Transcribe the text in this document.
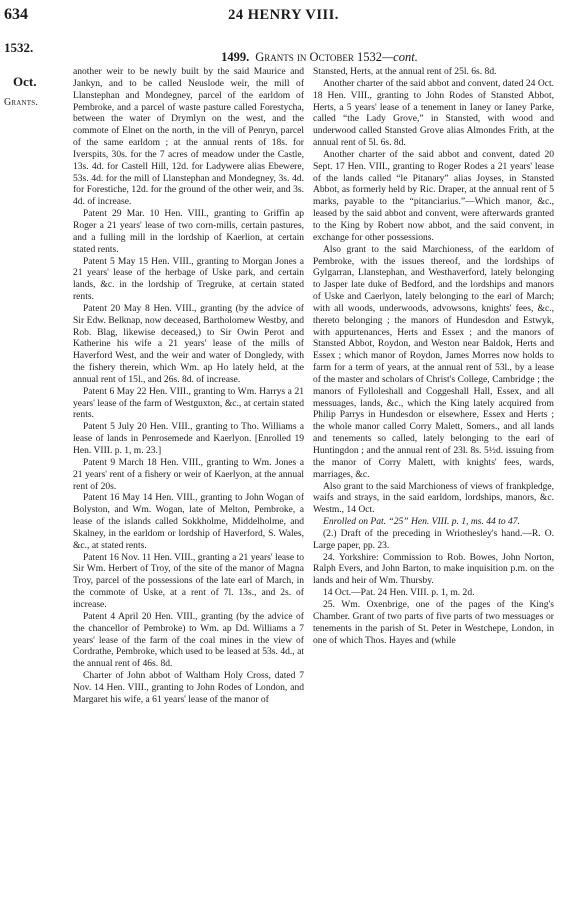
634	24 HENRY VIII.
1532.
Oct.
Grants.
1499. Grants in October 1532—cont.

another weir to be newly built by the said Maurice and Jankyn, and to be called Neuslode weir, the mill of Llanstephan and Mondegney, parcel of the earldom of Pembroke, and a parcel of waste pasture called Forestycha, between the water of Drymlyn on the west, and the commote of Elnet on the north, in the vill of Penryn, parcel of the same earldom ; at the annual rents of 18s. for Iverspits, 30s. for the 7 acres of meadow under the Castle, 13s. 4d. for Castell Hill, 12d. for Ladywere alias Ebewere, 53s. 4d. for the mill of Llanstephan and Mondegney, 3s. 4d. for Forestiche, 12d. for the ground of the other weir, and 3s. 4d. of increase.

Patent 29 Mar. 10 Hen. VIII., granting to Griffin ap Roger a 21 years' lease of two corn-mills, certain pastures, and a fulling mill in the lordship of Kaerlion, at certain stated rents.

Patent 5 May 15 Hen. VIII., granting to Morgan Jones a 21 years' lease of the herbage of Uske park, and certain lands, &c. in the lordship of Tregruke, at certain stated rents.

Patent 20 May 8 Hen. VIII., granting (by the advice of Sir Edw. Belknap, now deceased, Bartholomew Westby, and Rob. Blag, likewise deceased,) to Sir Owin Perot and Katherine his wife a 21 years' lease of the mills of Haverford West, and the weir and water of Dongledy, with the fishery therein, which Wm. ap Ho lately held, at the annual rent of 15l., and 26s. 8d. of increase.

Patent 6 May 22 Hen. VIII., granting to Wm. Harrys a 21 years' lease of the farm of Westguxton, &c., at certain stated rents.

Patent 5 July 20 Hen. VIII., granting to Tho. Williams a lease of lands in Penrosemede and Kaerlyon. [Enrolled 19 Hen. VIII. p. 1, m. 23.]

Patent 9 March 18 Hen. VIII., granting to Wm. Jones a 21 years' rent of a fishery or weir of Kaerlyon, at the annual rent of 20s.

Patent 16 May 14 Hen. VIII., granting to John Wogan of Bolyston, and Wm. Wogan, late of Melton, Pembroke, a lease of the islands called Sokkholme, Middelholme, and Skalney, in the earldom or lordship of Haverford, S. Wales, &c., at stated rents.

Patent 16 Nov. 11 Hen. VIII., granting a 21 years' lease to Sir Wm. Herbert of Troy, of the site of the manor of Magna Troy, parcel of the possessions of the late earl of March, in the commote of Uske, at a rent of 7l. 13s., and 2s. of increase.

Patent 4 April 20 Hen. VIII., granting (by the advice of the chancellor of Pembroke) to Wm. ap Dd. Williams a 7 years' lease of the farm of the coal mines in the view of Cordrathe, Pembroke, which used to be leased at 53s. 4d., at the annual rent of 46s. 8d.

Charter of John abbot of Waltham Holy Cross, dated 7 Nov. 14 Hen. VIII., granting to John Rodes of London, and Margaret his wife, a 61 years' lease of the manor of

Stansted, Herts, at the annual rent of 25l. 6s. 8d.

Another charter of the said abbot and convent, dated 24 Oct. 18 Hen. VIII., granting to John Rodes of Stansted Abbot, Herts, a 5 years' lease of a tenement in Ianey or Ianey Parke, called “the Lady Grove,” in Stansted, with wood and underwood called Stansted Grove alias Almondes Frith, at the annual rent of 5l. 6s. 8d.

Another charter of the said abbot and convent, dated 20 Sept. 17 Hen. VIII., granting to Roger Rodes a 21 years' lease of the lands called “le Pitanary” alias Joyses, in Stansted Abbot, as formerly held by Ric. Draper, at the annual rent of 5 marks, payable to the “pitanciarius.”—Which manor, &c., leased by the said abbot and convent, were afterwards granted to the King by Robert now abbot, and the said convent, in exchange for other possessions.

Also grant to the said Marchioness, of the earldom of Pembroke, with the issues thereof, and the lordships of Gylgarran, Llanstephan, and Westhaverford, lately belonging to Jasper late duke of Bedford, and the lordships and manors of Uske and Caerlyon, lately belonging to the earl of March; with all woods, underwoods, advowsons, knights' fees, &c., thereto belonging ; the manors of Hundesdon and Estwyk, with appurtenances, Herts and Essex ; and the manors of Stansted Abbot, Roydon, and Weston near Baldok, Herts and Essex ; which manor of Roydon, James Morres now holds to farm for a term of years, at the annual rent of 53l., by a lease of the master and scholars of Christ's College, Cambridge ; the manors of Fylloleshall and Coggeshall Hall, Essex, and all messuages, lands, &c., which the King lately acquired from Philip Parrys in Hundesdon or elsewhere, Essex and Herts ; the whole manor called Corry Malett, Somers., and all lands and tenements so called, lately belonging to the earl of Huntingdon ; and the annual rent of 23l. 8s. 5½d. issuing from the manor of Corry Malett, with knights' fees, wards, marriages, &c.

Also grant to the said Marchioness of views of frankpledge, waifs and strays, in the said earldom, lordships, manors, &c. Westm., 14 Oct.

Enrolled on Pat. “25” Hen. VIII. p. 1, ms. 44 to 47.

(2.) Draft of the preceding in Wriothesley's hand.—R. O. Large paper, pp. 23.

24. Yorkshire: Commission to Rob. Bowes, John Norton, Ralph Evers, and John Barton, to make inquisition p.m. on the lands and heir of Wm. Thursby.

14 Oct.—Pat. 24 Hen. VIII. p. 1, m. 2d.

25. Wm. Oxenbrige, one of the pages of the King's Chamber. Grant of two parts of five parts of two messuages or tenements in the parish of St. Peter in Westchepe, London, in one of which Thos. Hayes and (while
